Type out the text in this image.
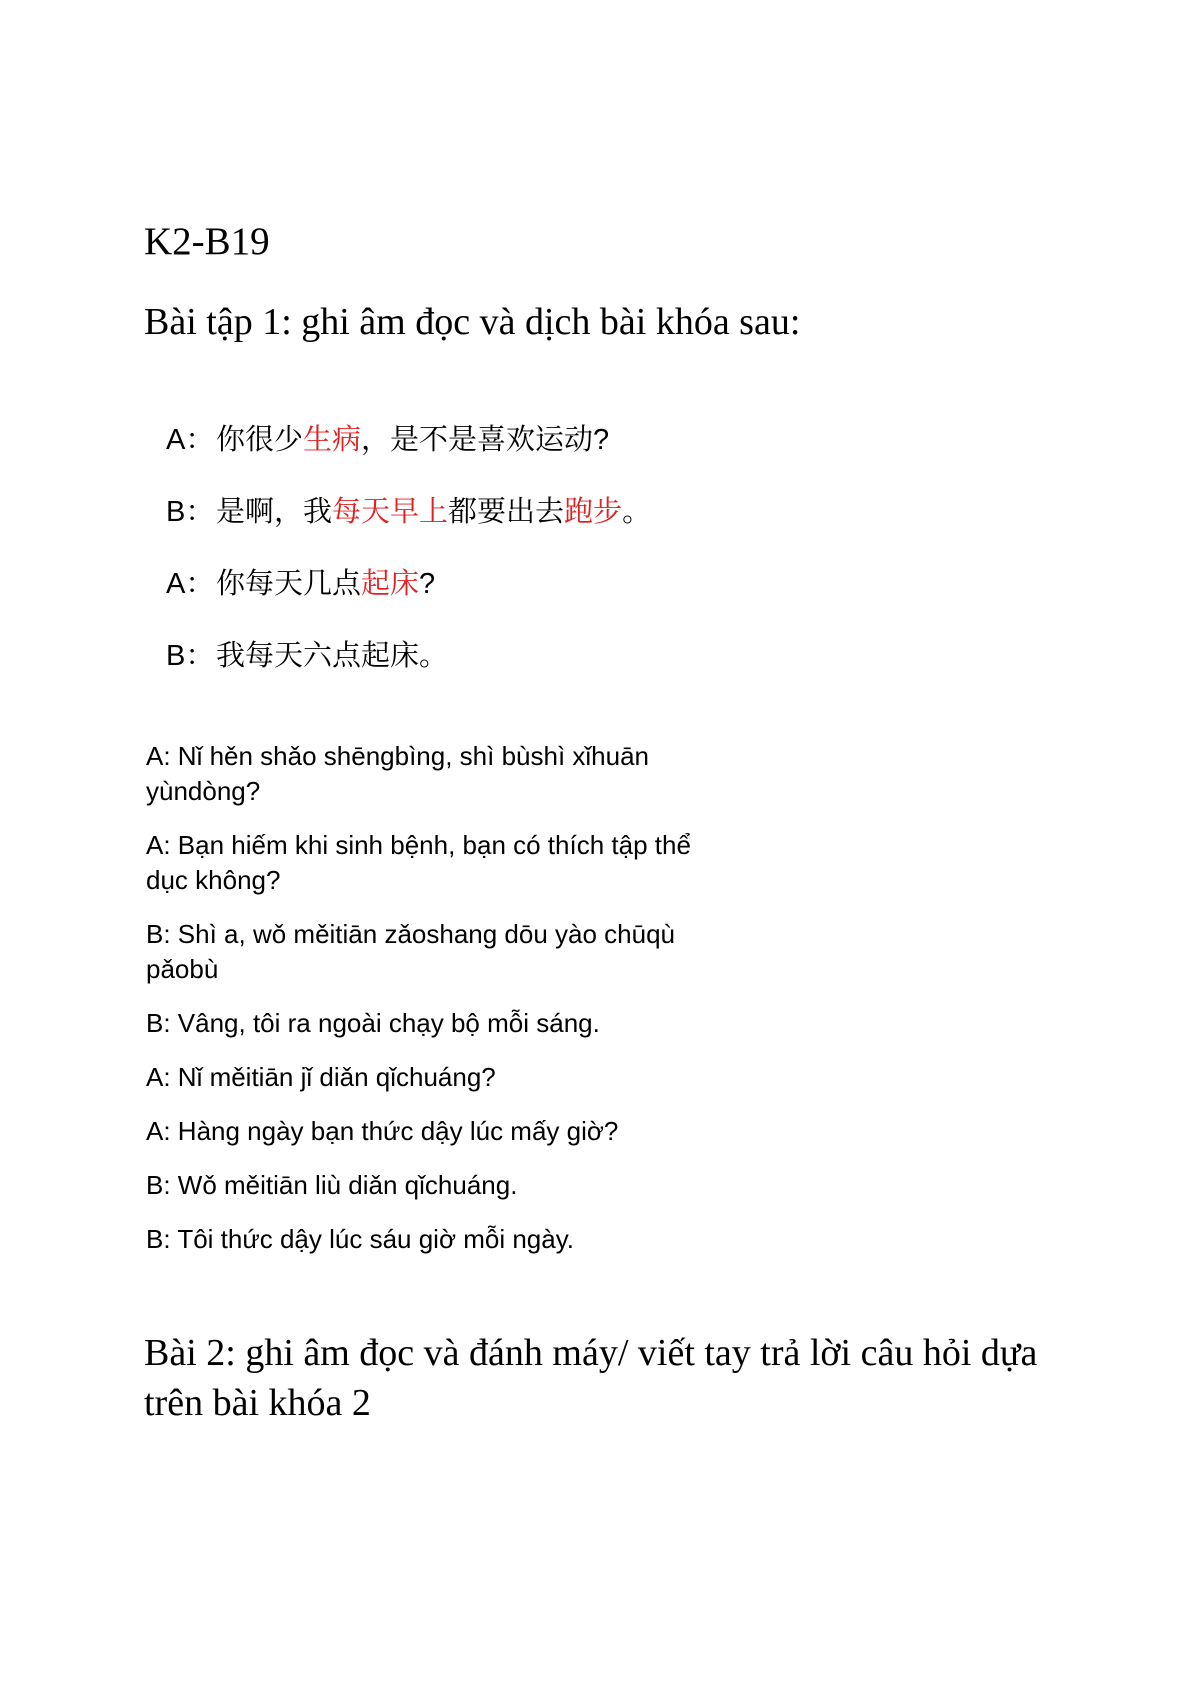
K2-B19
Bài tập 1: ghi âm đọc và dịch bài khóa sau:
A：你很少生病，是不是喜欢运动?
B：是啊，我每天早上都要出去跑步。
A：你每天几点起床?
B：我每天六点起床。

A: Nǐ hěn shǎo shēngbìng, shì bùshì xǐhuān yùndòng?

A: Bạn hiếm khi sinh bệnh, bạn có thích tập thể dục không?

B: Shì a, wǒ měitiān zǎoshang dōu yào chūqù pǎobù

B: Vâng, tôi ra ngoài chạy bộ mỗi sáng.

A: Nǐ měitiān jǐ diǎn qǐchuáng?

A: Hàng ngày bạn thức dậy lúc mấy giờ?

B: Wǒ měitiān liù diǎn qǐchuáng.

B: Tôi thức dậy lúc sáu giờ mỗi ngày.

Bài 2: ghi âm đọc và đánh máy/ viết tay trả lời câu hỏi dựa trên bài khóa 2
